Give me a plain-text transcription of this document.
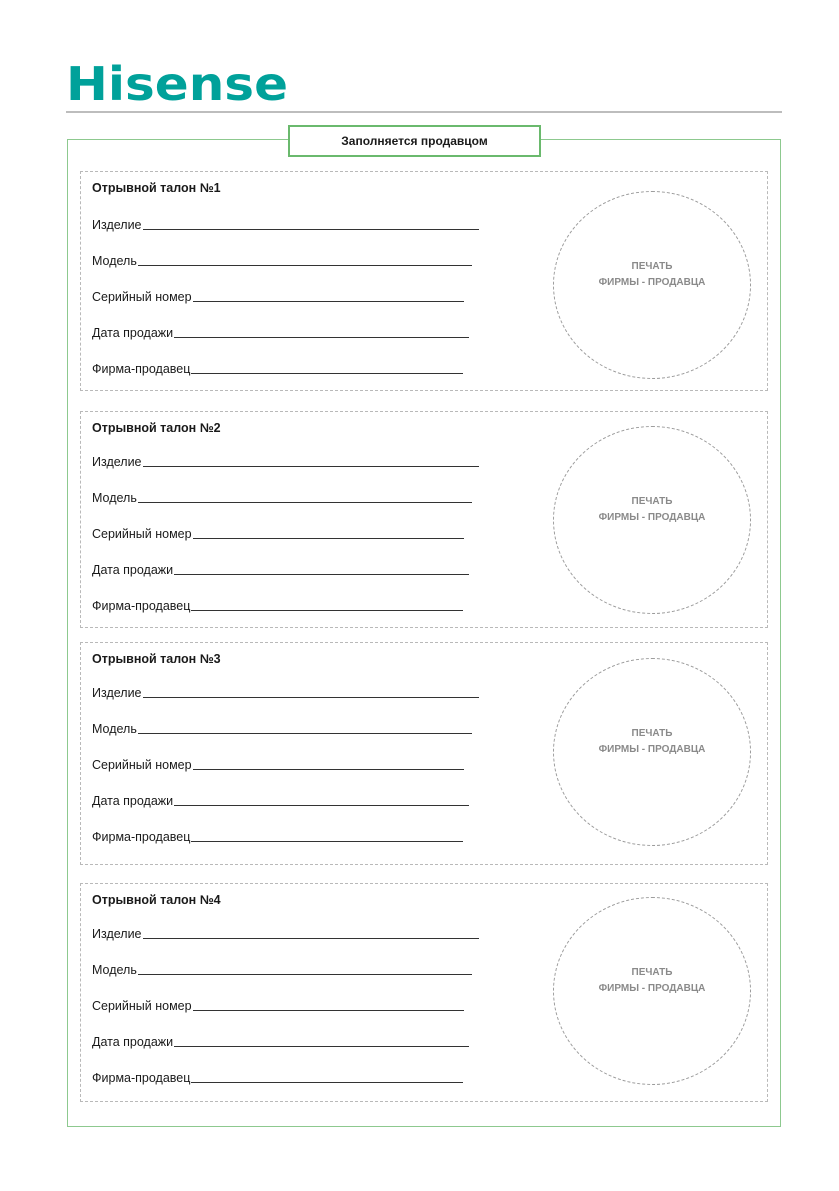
Hisense
Заполняется продавцом
Отрывной талон №1
Изделие
Модель
Серийный номер
Дата продажи
Фирма-продавец
ПЕЧАТЬ
ФИРМЫ - ПРОДАВЦА
Отрывной талон №2
Изделие
Модель
Серийный номер
Дата продажи
Фирма-продавец
ПЕЧАТЬ
ФИРМЫ - ПРОДАВЦА
Отрывной талон №3
Изделие
Модель
Серийный номер
Дата продажи
Фирма-продавец
ПЕЧАТЬ
ФИРМЫ - ПРОДАВЦА
Отрывной талон №4
Изделие
Модель
Серийный номер
Дата продажи
Фирма-продавец
ПЕЧАТЬ
ФИРМЫ - ПРОДАВЦА
